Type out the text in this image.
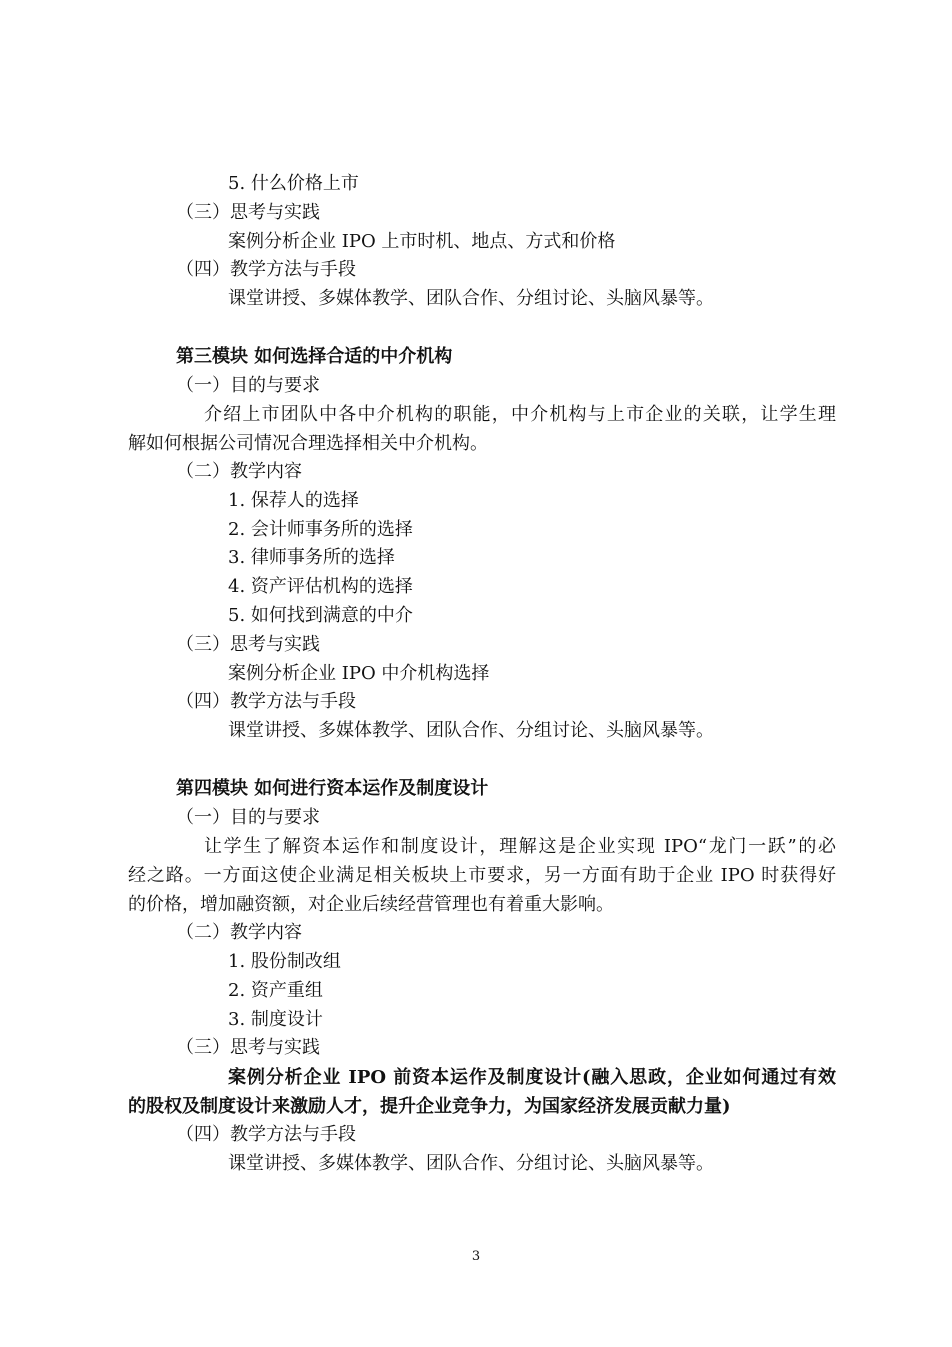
5. 什么价格上市
（三）思考与实践
案例分析企业 IPO 上市时机、地点、方式和价格
（四）教学方法与手段
课堂讲授、多媒体教学、团队合作、分组讨论、头脑风暴等。
第三模块 如何选择合适的中介机构
（一）目的与要求
介绍上市团队中各中介机构的职能，中介机构与上市企业的关联，让学生理
解如何根据公司情况合理选择相关中介机构。
（二）教学内容
1. 保荐人的选择
2. 会计师事务所的选择
3. 律师事务所的选择
4. 资产评估机构的选择
5. 如何找到满意的中介
（三）思考与实践
案例分析企业 IPO 中介机构选择
（四）教学方法与手段
课堂讲授、多媒体教学、团队合作、分组讨论、头脑风暴等。
第四模块 如何进行资本运作及制度设计
（一）目的与要求
让学生了解资本运作和制度设计，理解这是企业实现 IPO“龙门一跃”的必
经之路。一方面这使企业满足相关板块上市要求，另一方面有助于企业 IPO 时获得好
的价格，增加融资额，对企业后续经营管理也有着重大影响。
（二）教学内容
1. 股份制改组
2. 资产重组
3. 制度设计
（三）思考与实践
案例分析企业 IPO 前资本运作及制度设计(融入思政，企业如何通过有效
的股权及制度设计来激励人才，提升企业竞争力，为国家经济发展贡献力量)
（四）教学方法与手段
课堂讲授、多媒体教学、团队合作、分组讨论、头脑风暴等。
3
